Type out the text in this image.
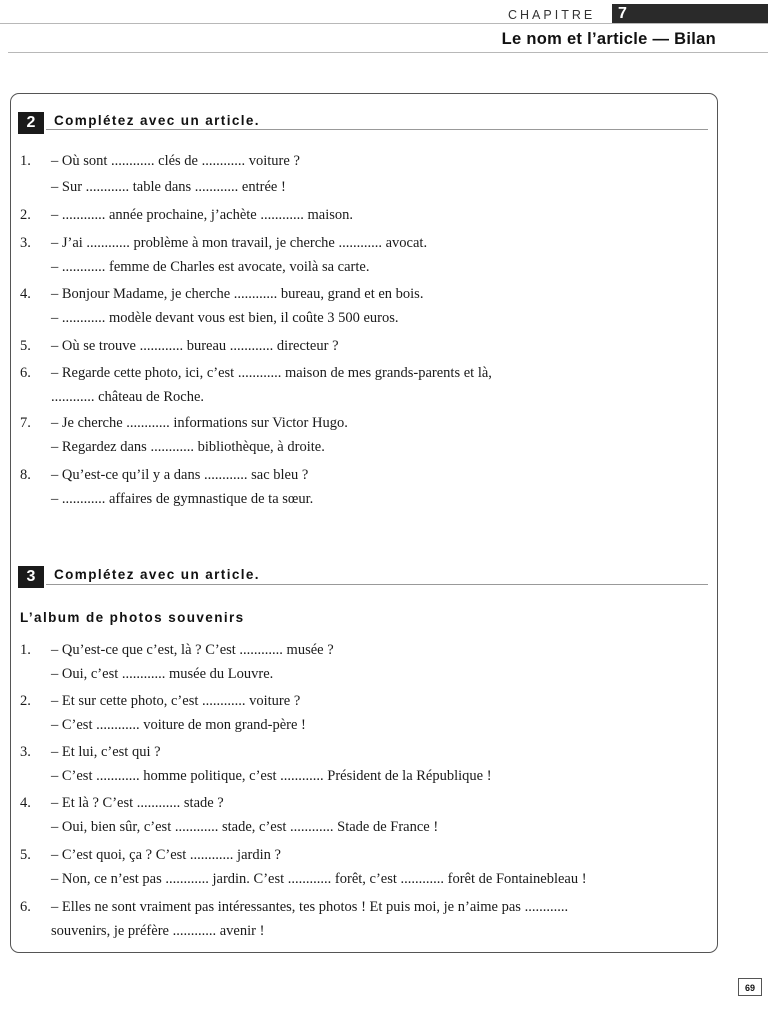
CHAPITRE	7
Le nom et l’article — Bilan
2	Complétez avec un article.
1. – Où sont ............ clés de ............ voiture ?
– Sur ............ table dans ............ entrée !
2. – ............ année prochaine, j’achète ............ maison.
3. – J’ai ............ problème à mon travail, je cherche ............ avocat.
– ............ femme de Charles est avocate, voilà sa carte.
4. – Bonjour Madame, je cherche ............ bureau, grand et en bois.
– ............ modèle devant vous est bien, il coûte 3 500 euros.
5. – Où se trouve ............ bureau ............ directeur ?
6. – Regarde cette photo, ici, c’est ............ maison de mes grands-parents et là,
............ château de Roche.
7. – Je cherche ............ informations sur Victor Hugo.
– Regardez dans ............ bibliothèque, à droite.
8. – Qu’est-ce qu’il y a dans ............ sac bleu ?
– ............ affaires de gymnastique de ta sœur.
3	Complétez avec un article.
L’album de photos souvenirs
1. – Qu’est-ce que c’est, là ? C’est ............ musée ?
– Oui, c’est ............ musée du Louvre.
2. – Et sur cette photo, c’est ............ voiture ?
– C’est ............ voiture de mon grand-père !
3. – Et lui, c’est qui ?
– C’est ............ homme politique, c’est ............ Président de la République !
4. – Et là ? C’est ............ stade ?
– Oui, bien sûr, c’est ............ stade, c’est ............ Stade de France !
5. – C’est quoi, ça ? C’est ............ jardin ?
– Non, ce n’est pas ............ jardin. C’est ............ forêt, c’est ............ forêt de Fontainebleau !
6. – Elles ne sont vraiment pas intéressantes, tes photos ! Et puis moi, je n’aime pas ............
souvenirs, je préfère ............ avenir !
69
